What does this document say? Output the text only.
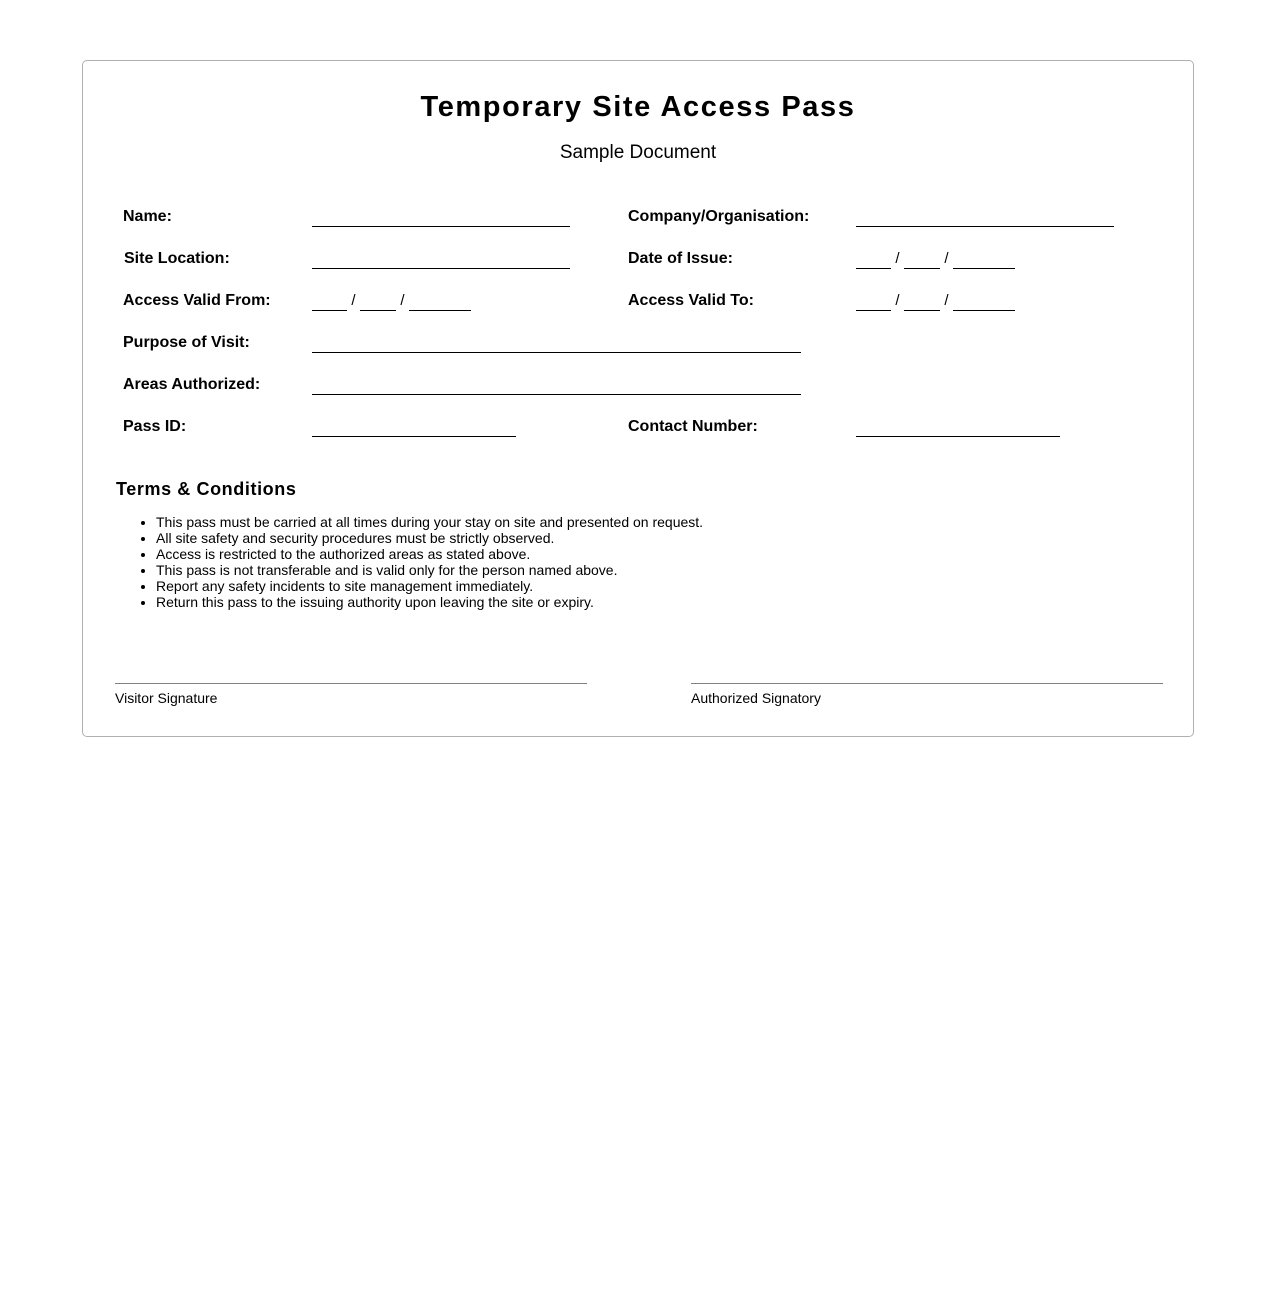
Temporary Site Access Pass
Sample Document
Name:	Company/Organisation:
Site Location:	Date of Issue:	/	/
Access Valid From:	/	/	Access Valid To:	/	/
Purpose of Visit:
Areas Authorized:
Pass ID:	Contact Number:
Terms & Conditions
• This pass must be carried at all times during your stay on site and presented on request.
• All site safety and security procedures must be strictly observed.
• Access is restricted to the authorized areas as stated above.
• This pass is not transferable and is valid only for the person named above.
• Report any safety incidents to site management immediately.
• Return this pass to the issuing authority upon leaving the site or expiry.
Visitor Signature	Authorized Signatory
